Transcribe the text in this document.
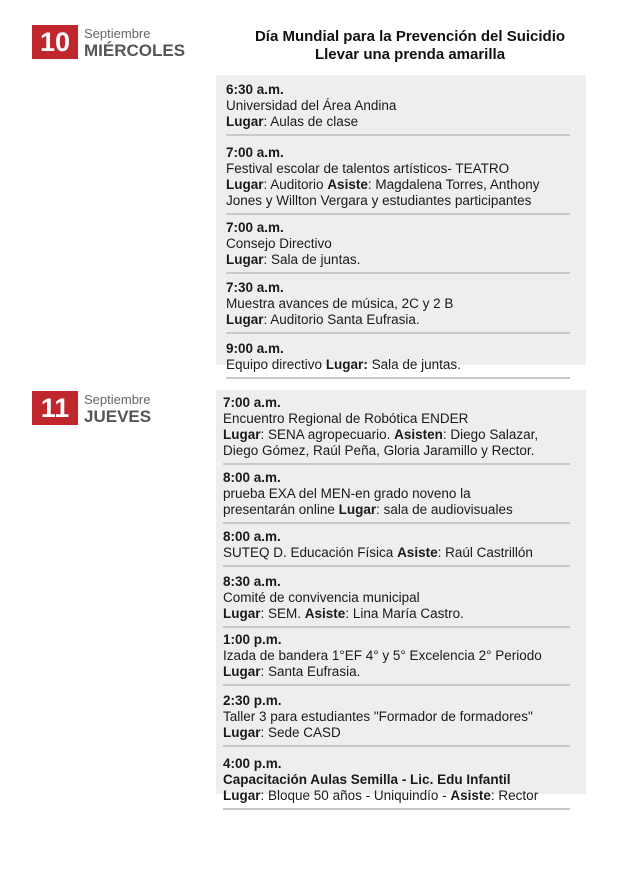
10	Septiembre
MIÉRCOLES
Día Mundial para la Prevención del Suicidio
Llevar una prenda amarilla
6:30 a.m.
Universidad del Área Andina
Lugar: Aulas de clase
7:00 a.m.
Festival escolar de talentos artísticos- TEATRO
Lugar: Auditorio Asiste: Magdalena Torres, Anthony
Jones y Willton Vergara y estudiantes participantes
7:00 a.m.
Consejo Directivo
Lugar: Sala de juntas.
7:30 a.m.
Muestra avances de música, 2C y 2 B
Lugar: Auditorio Santa Eufrasia.
9:00 a.m.
Equipo directivo Lugar: Sala de juntas.
11	Septiembre
JUEVES
7:00 a.m.
Encuentro Regional de Robótica ENDER
Lugar: SENA agropecuario. Asisten: Diego Salazar,
Diego Gómez, Raúl Peña, Gloria Jaramillo y Rector.
8:00 a.m.
prueba EXA del MEN-en grado noveno la
presentarán online Lugar: sala de audiovisuales
8:00 a.m.
SUTEQ D. Educación Física Asiste: Raúl Castrillón
8:30 a.m.
Comité de convivencia municipal
Lugar: SEM. Asiste: Lina María Castro.
1:00 p.m.
Izada de bandera 1°EF 4° y 5° Excelencia 2° Periodo
Lugar: Santa Eufrasia.
2:30 p.m.
Taller 3 para estudiantes "Formador de formadores"
Lugar: Sede CASD
4:00 p.m.
Capacitación Aulas Semilla - Lic. Edu Infantil
Lugar: Bloque 50 años - Uniquindío - Asiste: Rector
